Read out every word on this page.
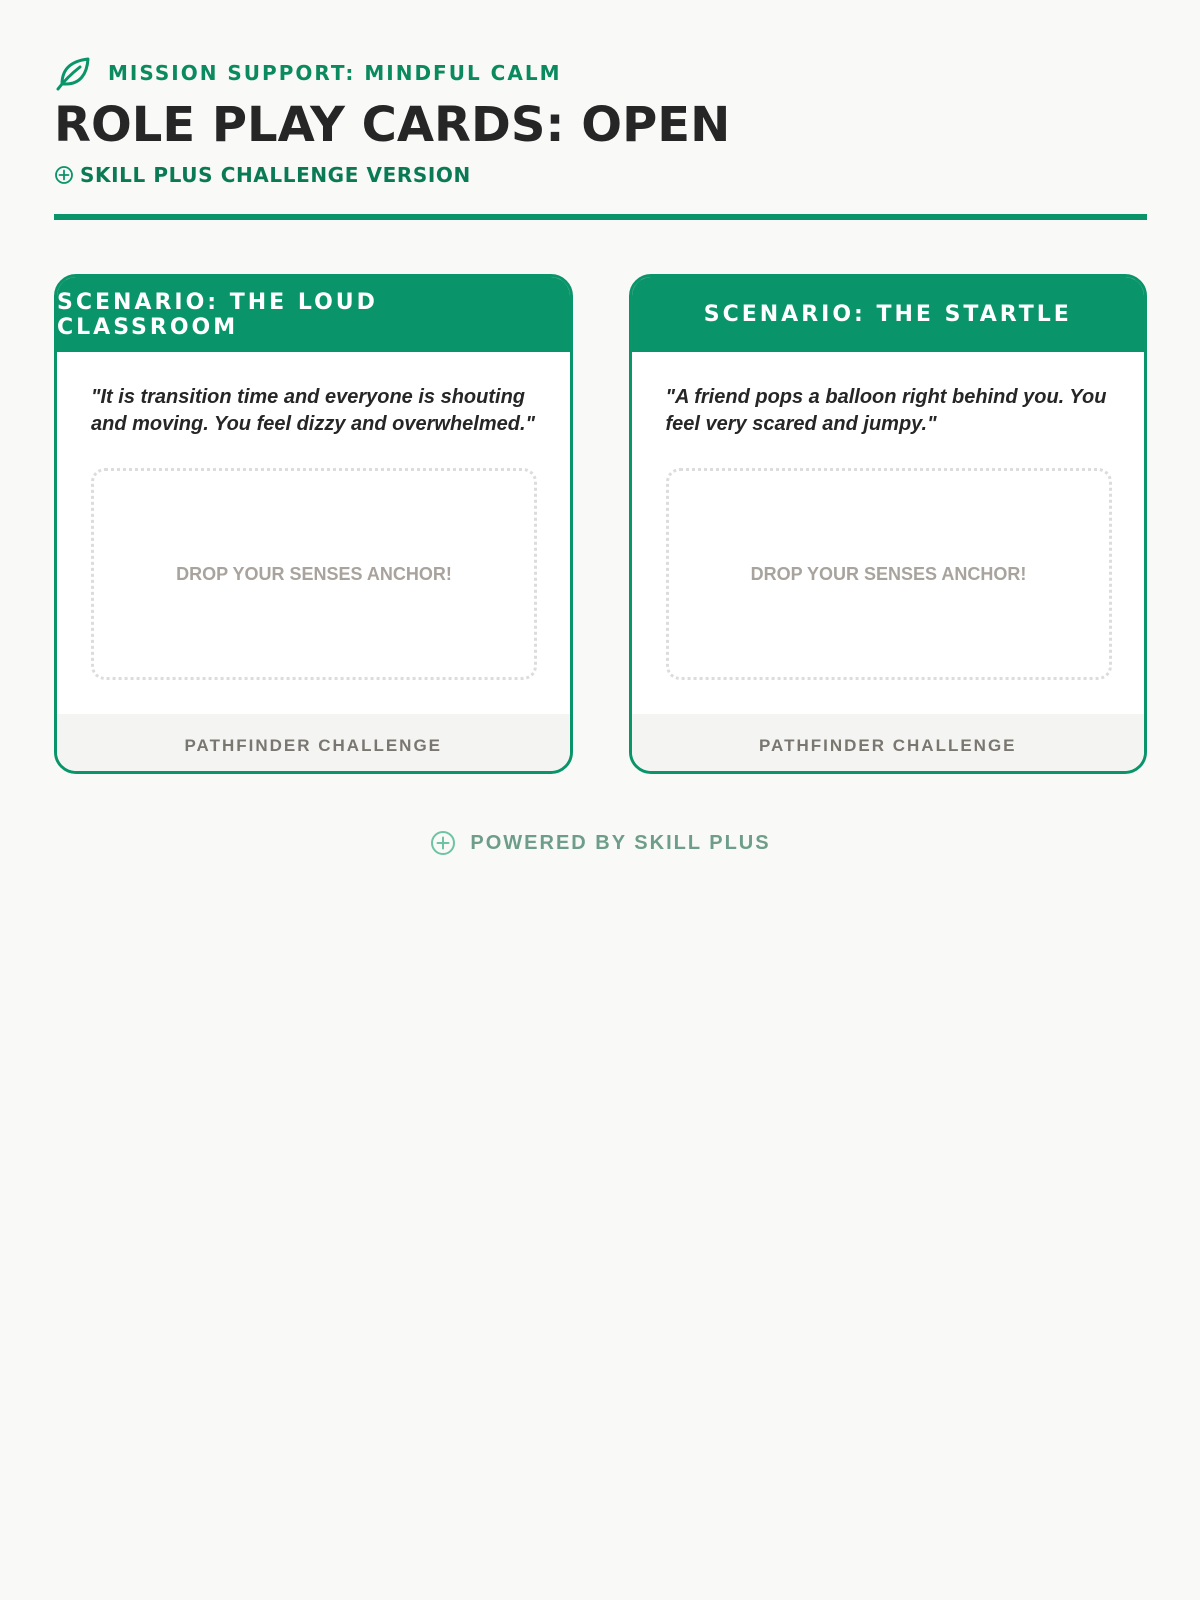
MISSION SUPPORT: MINDFUL CALM
ROLE PLAY CARDS: OPEN
SKILL PLUS CHALLENGE VERSION
SCENARIO: THE LOUD CLASSROOM

"It is transition time and everyone is shouting and moving. You feel dizzy and overwhelmed."

DROP YOUR SENSES ANCHOR!
PATHFINDER CHALLENGE
SCENARIO: THE STARTLE

"A friend pops a balloon right behind you. You feel very scared and jumpy."

DROP YOUR SENSES ANCHOR!
PATHFINDER CHALLENGE
POWERED BY SKILL PLUS
